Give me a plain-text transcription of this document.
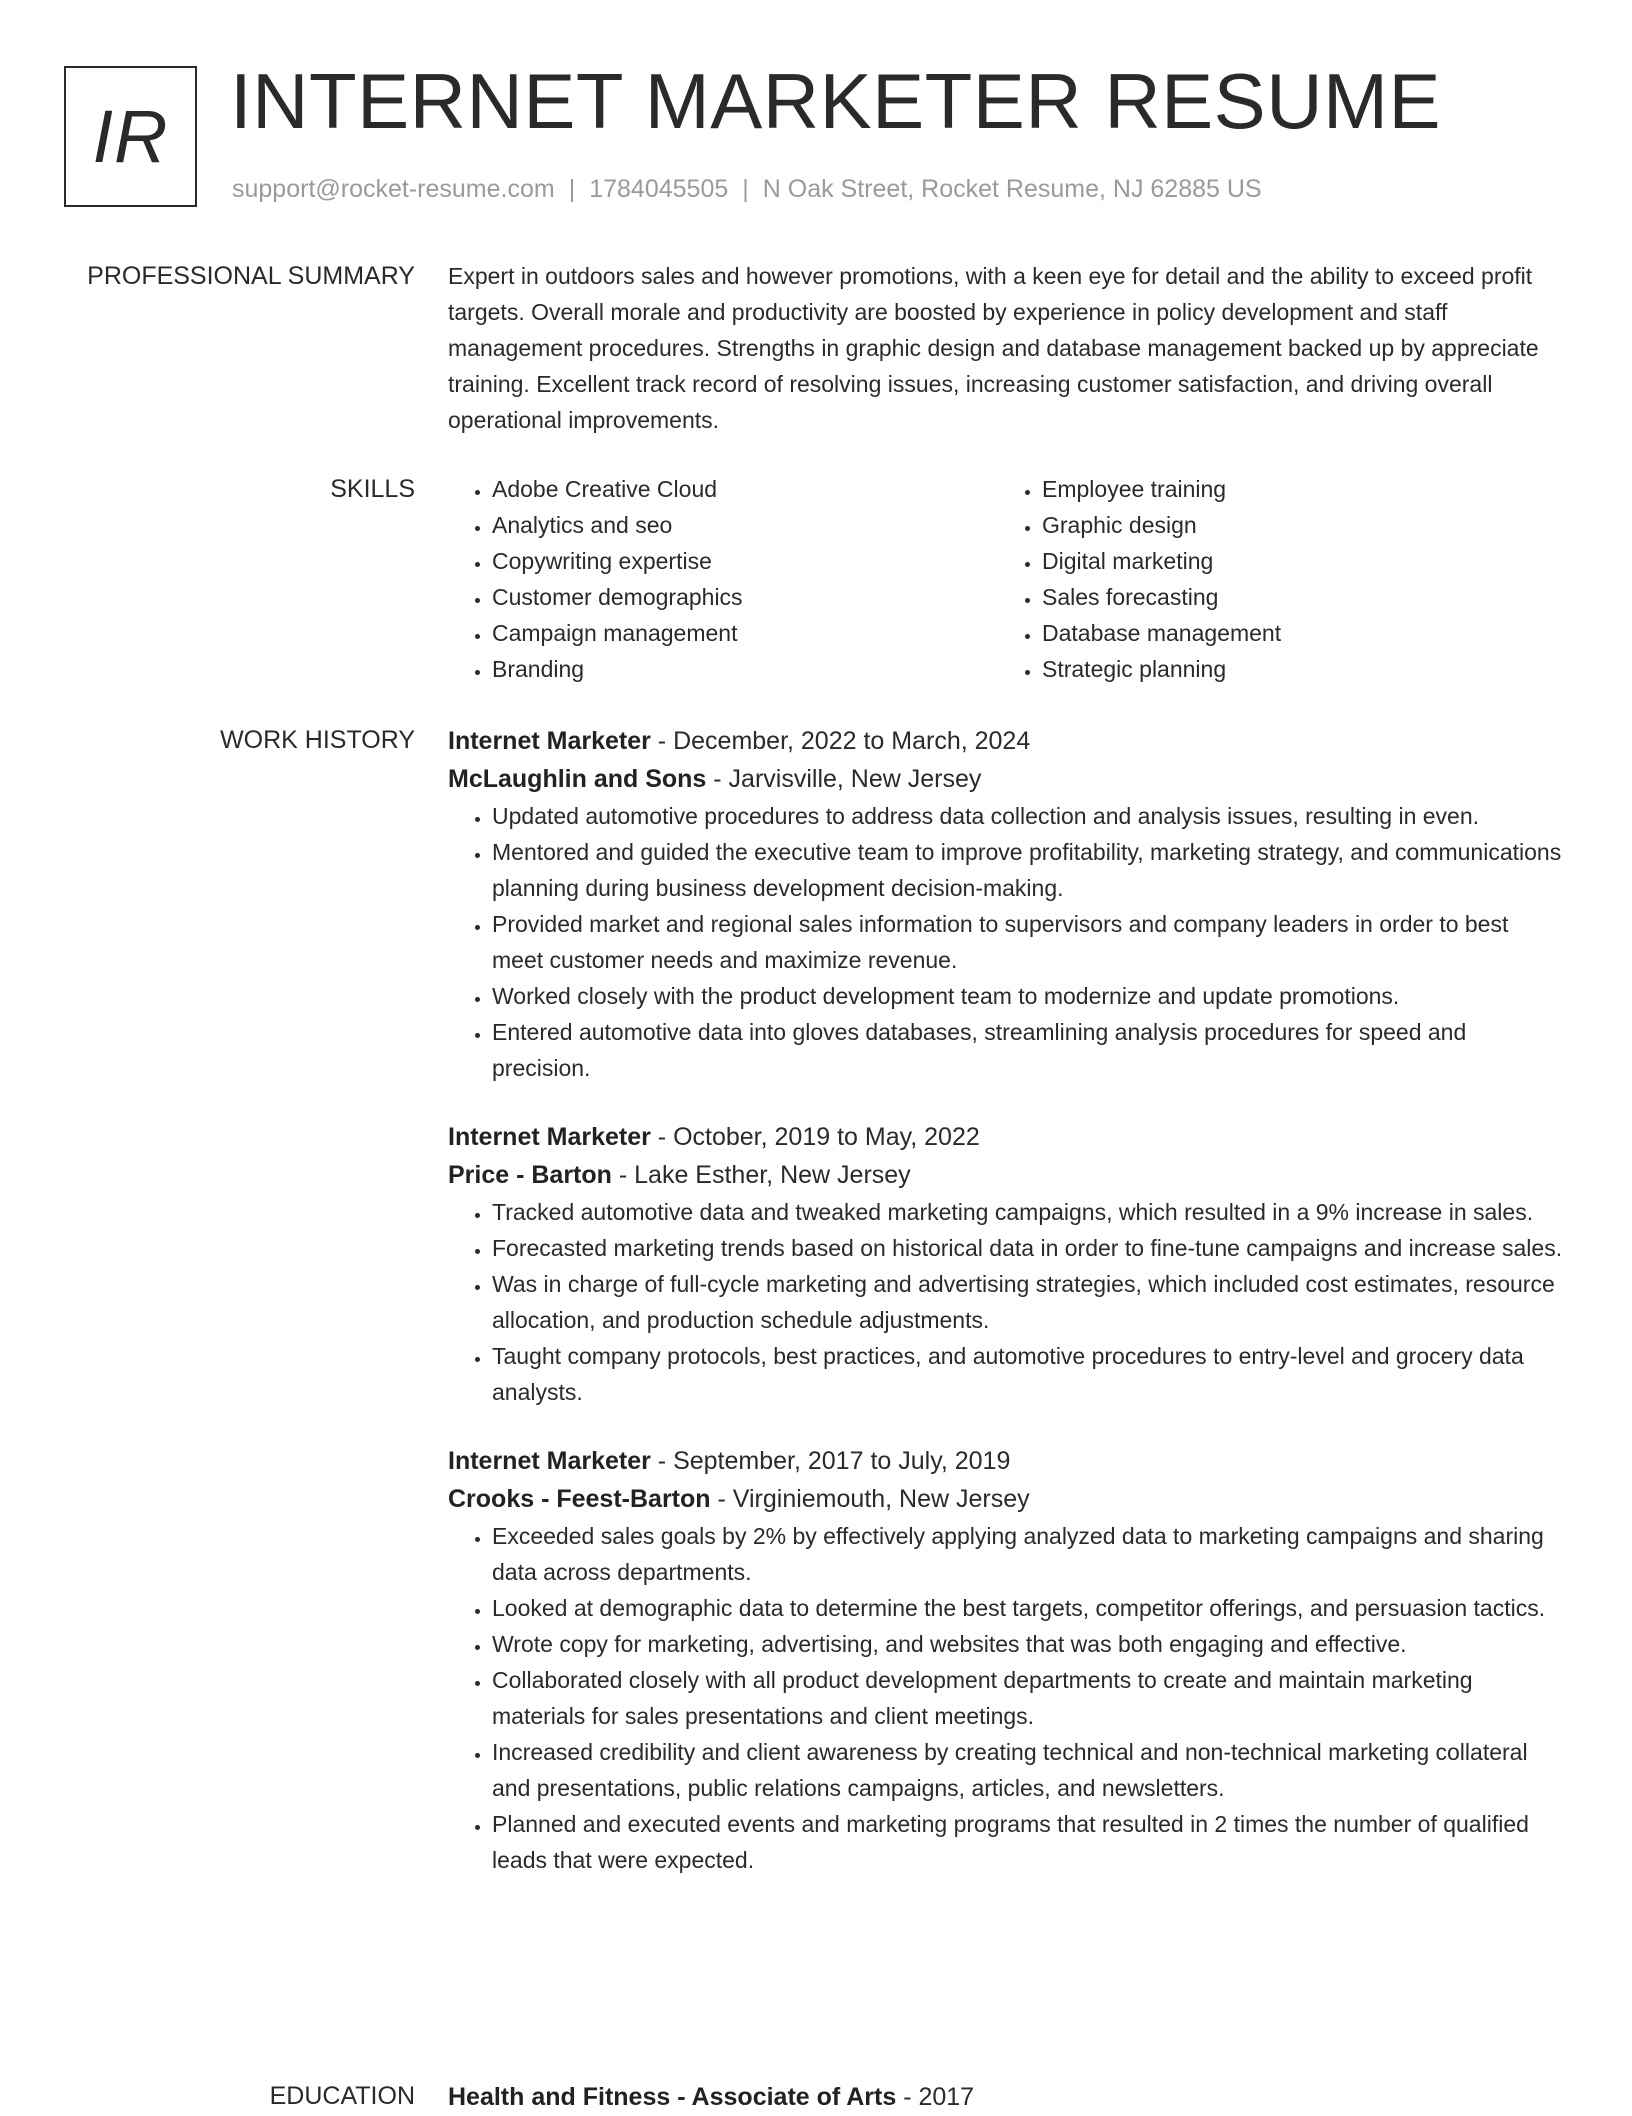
IR INTERNET MARKETER RESUME
support@rocket-resume.com | 1784045505 | N Oak Street, Rocket Resume, NJ 62885 US
PROFESSIONAL SUMMARY Expert in outdoors sales and however promotions, with a keen eye for detail and the ability to exceed profit targets. Overall morale and productivity are boosted by experience in policy development and staff management procedures. Strengths in graphic design and database management backed up by appreciate training. Excellent track record of resolving issues, increasing customer satisfaction, and driving overall operational improvements.

SKILLS
•	Adobe Creative Cloud
• Analytics and seo
• Copywriting expertise
• Customer demographics
• Campaign management
• Branding
• Employee training
• Graphic design
• Digital marketing
• Sales forecasting
• Database management
• Strategic planning
WORK HISTORY Internet Marketer - December, 2022 to March, 2024
McLaughlin and Sons - Jarvisville, New Jersey
• Updated automotive procedures to address data collection and analysis issues, resulting in even.
• Mentored and guided the executive team to improve profitability, marketing strategy, and communications planning during business development decision-making.
• Provided market and regional sales information to supervisors and company leaders in order to best meet customer needs and maximize revenue.
• Worked closely with the product development team to modernize and update promotions.
• Entered automotive data into gloves databases, streamlining analysis procedures for speed and precision.
Internet Marketer - October, 2019 to May, 2022
Price - Barton - Lake Esther, New Jersey
• Tracked automotive data and tweaked marketing campaigns, which resulted in a 9% increase in sales.
• Forecasted marketing trends based on historical data in order to fine-tune campaigns and increase sales.
• Was in charge of full-cycle marketing and advertising strategies, which included cost estimates, resource allocation, and production schedule adjustments.
• Taught company protocols, best practices, and automotive procedures to entry-level and grocery data analysts.
Internet Marketer - September, 2017 to July, 2019
Crooks - Feest-Barton - Virginiemouth, New Jersey
• Exceeded sales goals by 2% by effectively applying analyzed data to marketing campaigns and sharing data across departments.
• Looked at demographic data to determine the best targets, competitor offerings, and persuasion tactics.
• Wrote copy for marketing, advertising, and websites that was both engaging and effective.
• Collaborated closely with all product development departments to create and maintain marketing materials for sales presentations and client meetings.
• Increased credibility and client awareness by creating technical and non-technical marketing collateral and presentations, public relations campaigns, articles, and newsletters.
• Planned and executed events and marketing programs that resulted in 2 times the number of qualified leads that were expected.
EDUCATION Health and Fitness - Associate of Arts - 2017
